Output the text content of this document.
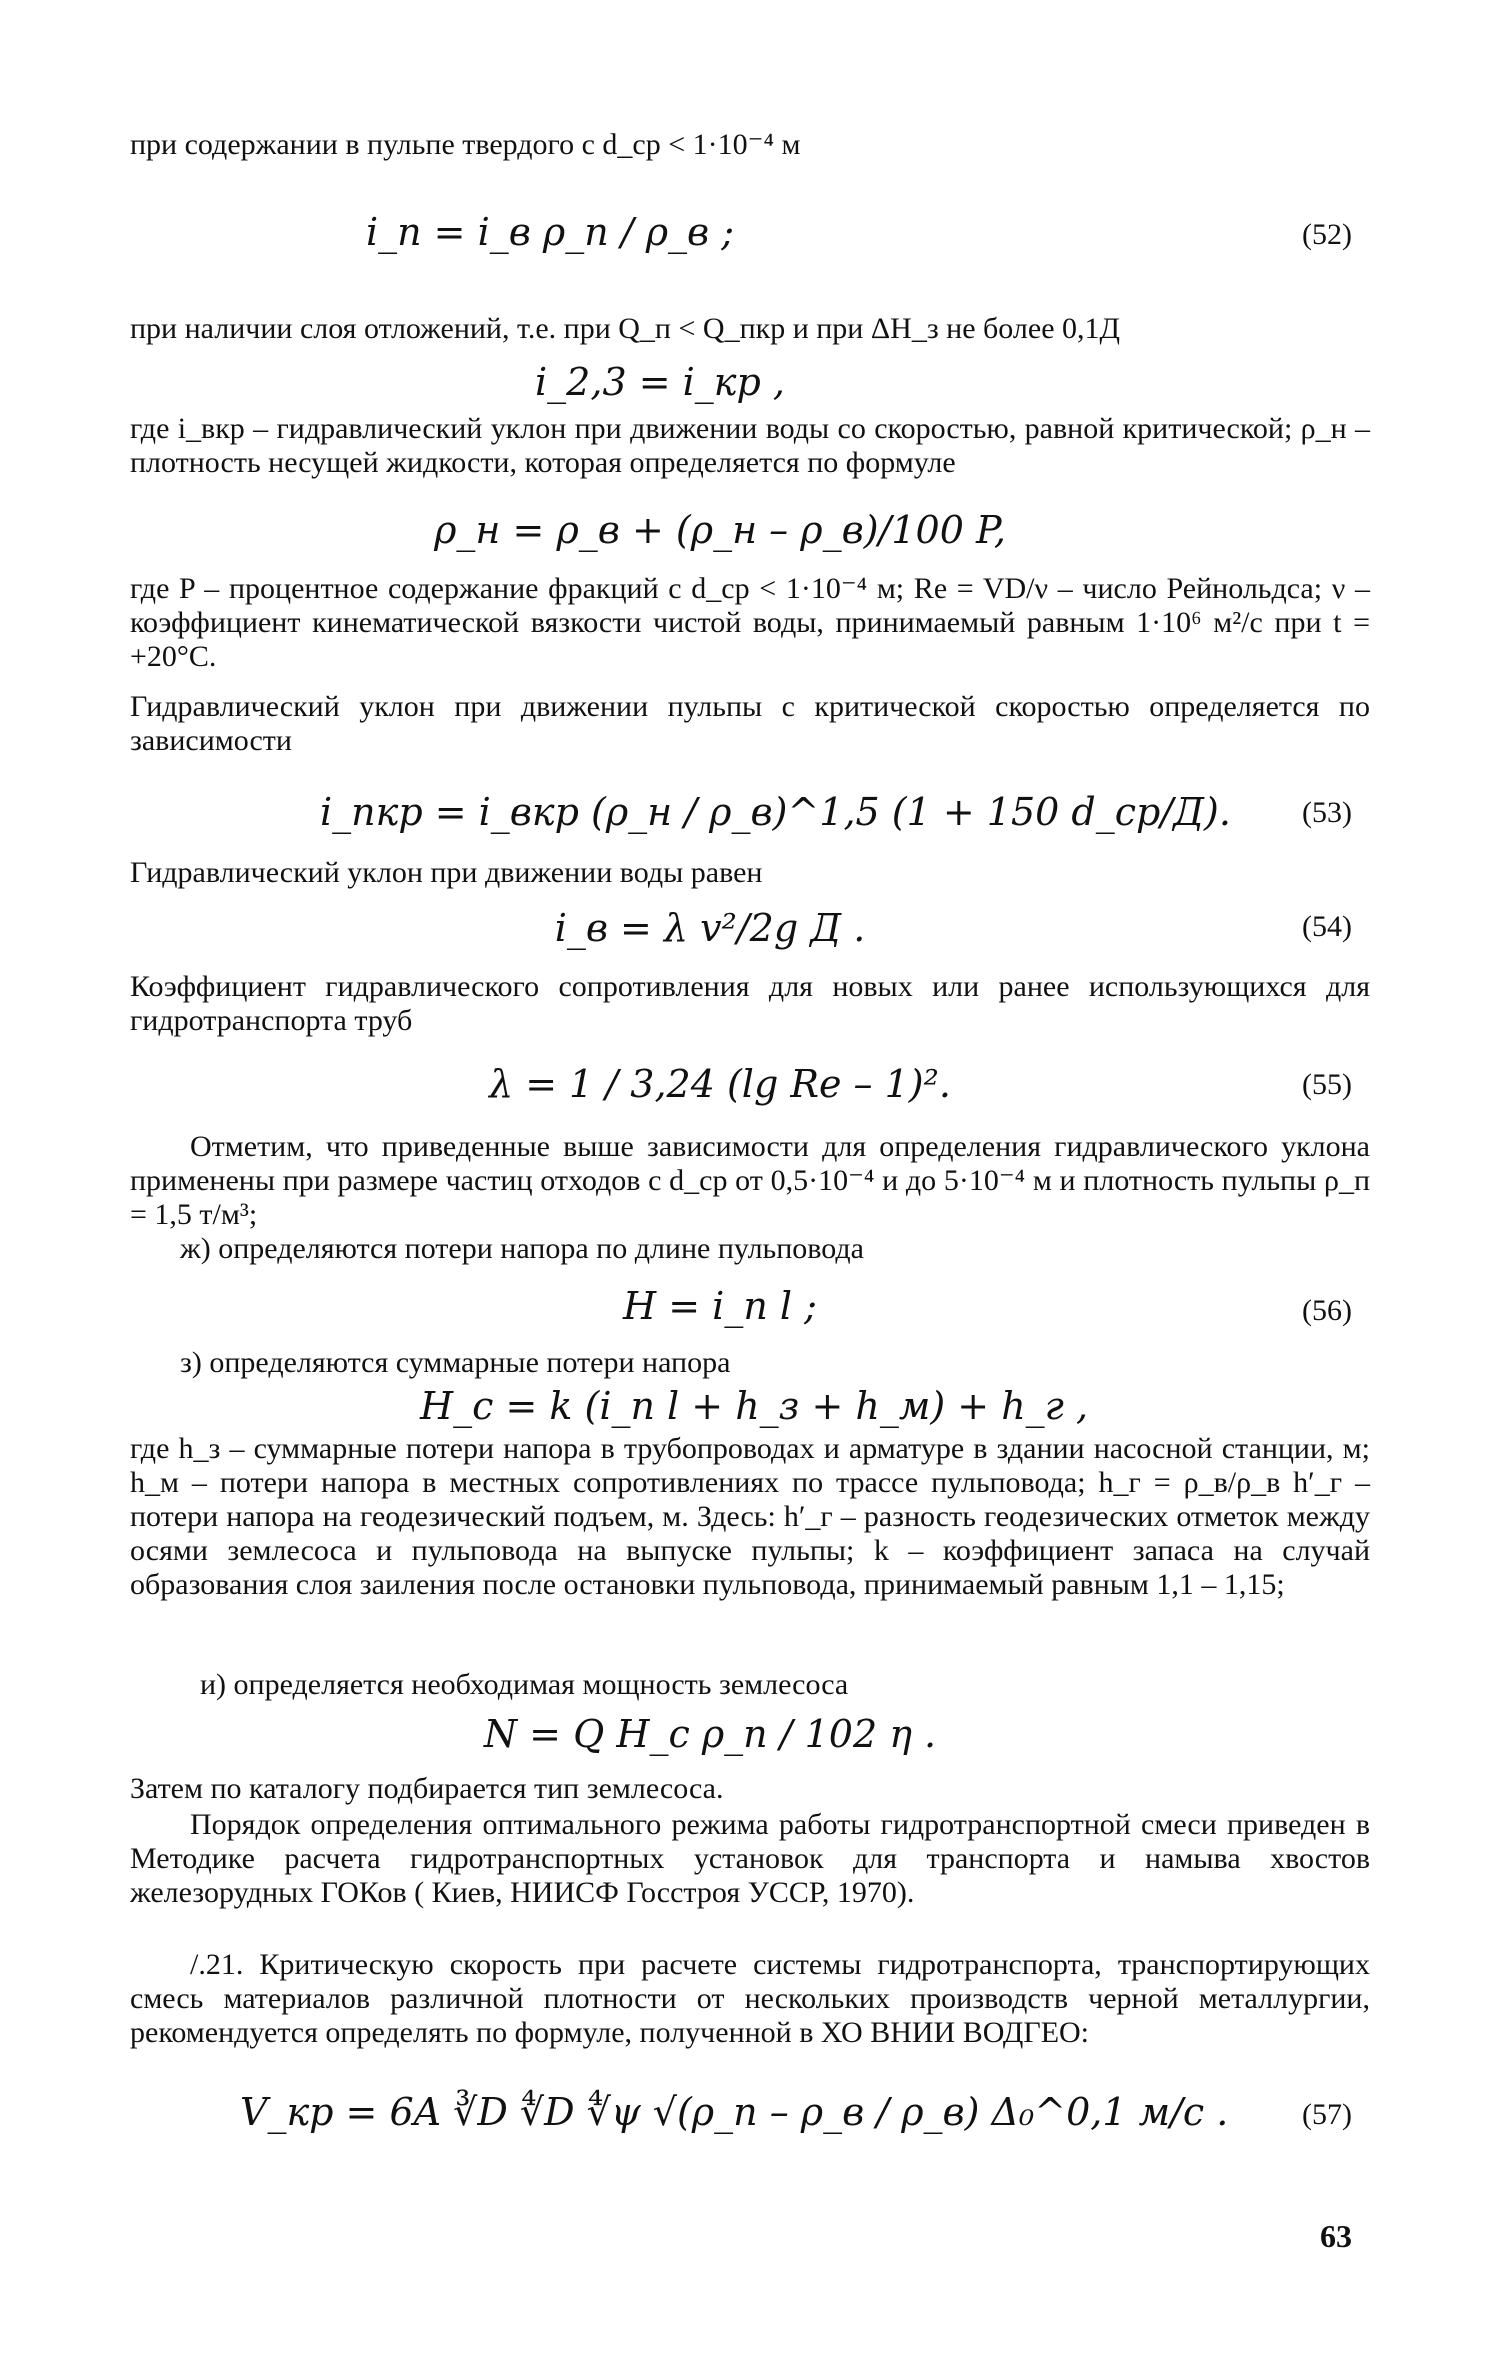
при содержании в пульпе твердого с d_ср < 1·10⁻⁴ м
i_п = i_в ρ_п / ρ_в ;	(52)
при наличии слоя отложений, т.е. при Q_п < Q_пкр и при ΔH_з не более 0,1Д
i_2,3 = i_кр ,
где i_вкр – гидравлический уклон при движении воды со скоростью, равной критической; ρ_н – плотность несущей жидкости, которая определяется по формуле
ρ_н = ρ_в + (ρ_н – ρ_в)/100 P,
где P – процентное содержание фракций с d_ср < 1·10⁻⁴ м; Re = VD/ν – число Рейнольдса; ν – коэффициент кинематической вязкости чистой воды, принимаемый равным 1·10⁶ м²/с при t = +20°С.
Гидравлический уклон при движении пульпы с критической скоростью определяется по зависимости
i_пкр = i_вкр (ρ_н / ρ_в)^1,5 (1 + 150 d_ср/Д). (53)
Гидравлический уклон при движении воды равен
i_в = λ v²/2g Д .	(54)
Коэффициент гидравлического сопротивления для новых или ранее использующихся для гидротранспорта труб
λ = 1 / 3,24 (lg Re – 1)².	(55)
Отметим, что приведенные выше зависимости для определения гидравлического уклона применены при размере частиц отходов с d_ср от 0,5·10⁻⁴ и до 5·10⁻⁴ м и плотность пульпы ρ_п = 1,5 т/м³;
ж) определяются потери напора по длине пульповода
H = i_п l ;	(56)
з) определяются суммарные потери напора
H_с = k (i_п l + h_з + h_м) + h_г ,
где h_з – суммарные потери напора в трубопроводах и арматуре в здании насосной станции, м; h_м – потери напора в местных сопротивлениях по трассе пульповода; h_г = ρ_в/ρ_в h′_г – потери напора на геодезический подъем, м. Здесь: h′_г – разность геодезических отметок между осями землесоса и пульповода на выпуске пульпы; k – коэффициент запаса на случай образования слоя заиления после остановки пульповода, принимаемый равным 1,1 – 1,15;
и) определяется необходимая мощность землесоса
N = Q H_с ρ_п / 102 η .
Затем по каталогу подбирается тип землесоса.
Порядок определения оптимального режима работы гидротранспортной смеси приведен в Методике расчета гидротранспортных установок для транспорта и намыва хвостов железорудных ГОКов ( Киев, НИИСФ Госстроя УССР, 1970).
/.21. Критическую скорость при расчете системы гидротранспорта, транспортирующих смесь материалов различной плотности от нескольких производств черной металлургии, рекомендуется определять по формуле, полученной в ХО ВНИИ ВОДГЕО:
V_кр = 6A ∛D ∜D ∜ψ √(ρ_п – ρ_в / ρ_в) Δ₀^0,1 м/с . (57)
63
